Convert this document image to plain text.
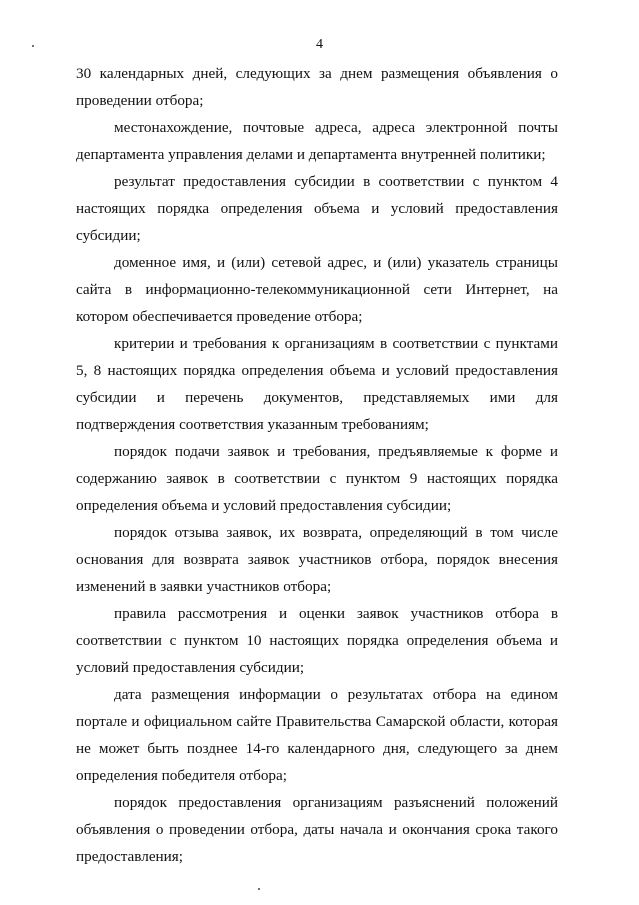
4

30 календарных дней, следующих за днем размещения объявления о проведении отбора;

местонахождение, почтовые адреса, адреса электронной почты департамента управления делами и департамента внутренней политики;

результат предоставления субсидии в соответствии с пунктом 4 настоящих порядка определения объема и условий предоставления субсидии;

доменное имя, и (или) сетевой адрес, и (или) указатель страницы сайта в информационно-телекоммуникационной сети Интернет, на котором обеспечивается проведение отбора;

критерии и требования к организациям в соответствии с пунктами 5, 8 настоящих порядка определения объема и условий предоставления субсидии и перечень документов, представляемых ими для подтверждения соответствия указанным требованиям;

порядок подачи заявок и требования, предъявляемые к форме и содержанию заявок в соответствии с пунктом 9 настоящих порядка определения объема и условий предоставления субсидии;

порядок отзыва заявок, их возврата, определяющий в том числе основания для возврата заявок участников отбора, порядок внесения изменений в заявки участников отбора;

правила рассмотрения и оценки заявок участников отбора в соответствии с пунктом 10 настоящих порядка определения объема и условий предоставления субсидии;

дата размещения информации о результатах отбора на едином портале и официальном сайте Правительства Самарской области, которая не может быть позднее 14-го календарного дня, следующего за днем определения победителя отбора;

порядок предоставления организациям разъяснений положений объявления о проведении отбора, даты начала и окончания срока такого предоставления;
